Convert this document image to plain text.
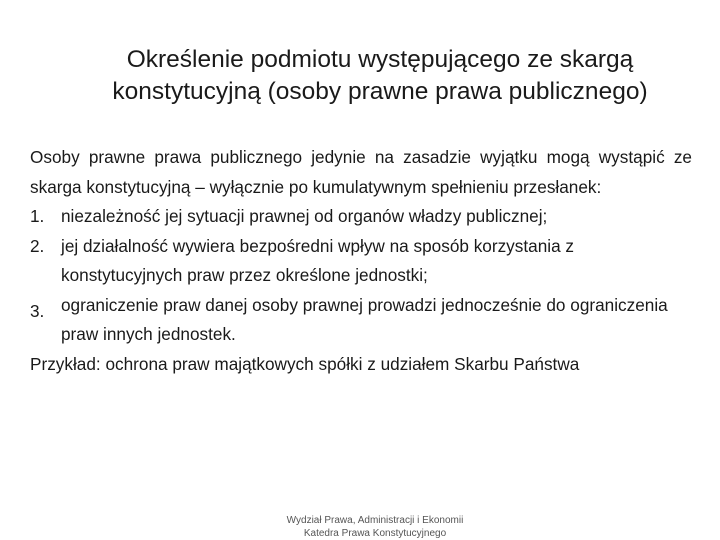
Określenie podmiotu występującego ze skargą konstytucyjną (osoby prawne prawa publicznego)

Osoby prawne prawa publicznego jedynie na zasadzie wyjątku mogą wystąpić ze skarga konstytucyjną – wyłącznie po kumulatywnym spełnieniu przesłanek:

1. niezależność jej sytuacji prawnej od organów władzy publicznej;
2. jej działalność wywiera bezpośredni wpływ na sposób korzystania z konstytucyjnych praw przez określone jednostki;
3. ograniczenie praw danej osoby prawnej prowadzi jednocześnie do ograniczenia praw innych jednostek.

Przykład: ochrona praw majątkowych spółki z udziałem Skarbu Państwa

Wydział Prawa, Administracji i Ekonomii
Katedra Prawa Konstytucyjnego
